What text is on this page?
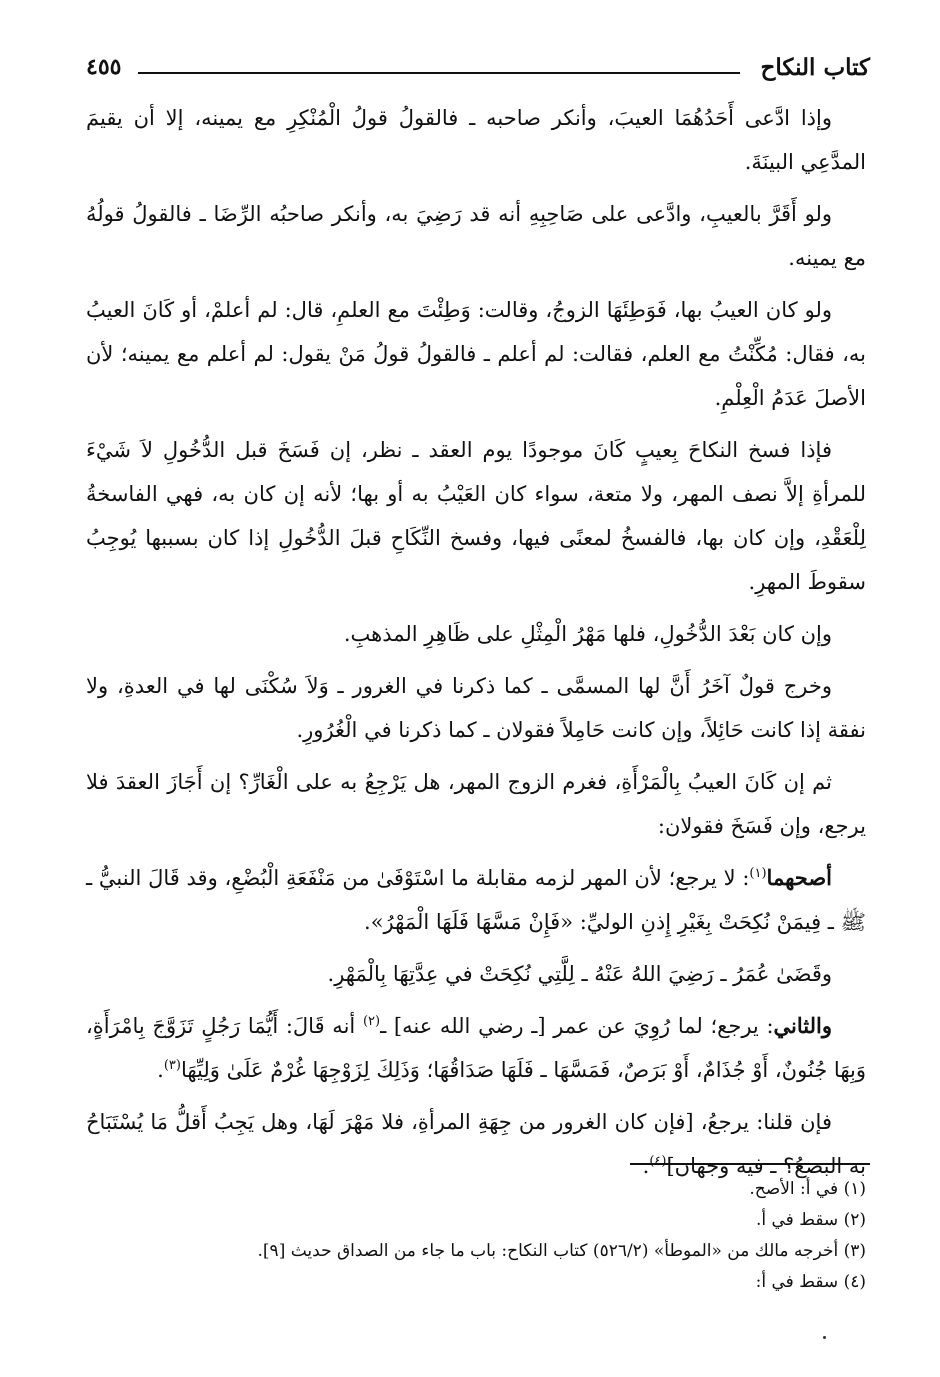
كتاب النكاح
٤٥٥

وإذا ادَّعى أَحَدُهُمَا العيبَ، وأنكر صاحبه ـ فالقولُ قولُ الْمُنْكِرِ مع يمينه، إلا أن يقيمَ المدَّعِي البينَةَ.

ولو أَقَرَّ بالعيبِ، وادَّعى على صَاحِبِهِ أنه قد رَضِيَ به، وأنكر صاحبُه الرِّضَا ـ فالقولُ قولُهُ مع يمينه.

ولو كان العيبُ بها، فَوَطِئَهَا الزوجُ، وقالت: وَطِئْتَ مع العلمِ، قال: لم أعلمْ، أو كَانَ العيبُ به، فقال: مُكِّنْتُ مع العلم، فقالت: لم أعلم ـ فالقولُ قولُ مَنْ يقول: لم أعلم مع يمينه؛ لأن الأصلَ عَدَمُ الْعِلْمِ.

فإذا فسخ النكاحَ بِعيبٍ كَانَ موجودًا يوم العقد ـ نظر، إن فَسَخَ قبل الدُّخُولِ لاَ شَيْءَ للمرأةِ إلاَّ نصف المهر، ولا متعة، سواء كان العَيْبُ به أو بها؛ لأنه إن كان به، فهي الفاسخةُ لِلْعَقْدِ، وإن كان بها، فالفسخُ لمعنًى فيها، وفسخ النِّكَاحِ قبلَ الدُّخُولِ إذا كان بسببها يُوجِبُ سقوطَ المهرِ.

وإن كان بَعْدَ الدُّخُولِ، فلها مَهْرُ الْمِثْلِ على ظَاهِرِ المذهبِ.

وخرج قولٌ آخَرُ أَنَّ لها المسمَّى ـ كما ذكرنا في الغرور ـ وَلاَ سُكْنَى لها في العدةِ، ولا نفقة إذا كانت حَائِلاً، وإن كانت حَامِلاً فقولان ـ كما ذكرنا في الْغُرُورِ.

ثم إن كَانَ العيبُ بِالْمَرْأَةِ، فغرم الزوج المهر، هل يَرْجِعُ به على الْغَارِّ؟ إن أَجَازَ العقدَ فلا يرجع، وإن فَسَخَ فقولان:

أصحهما$^{(١)}$: لا يرجع؛ لأن المهر لزمه مقابلة ما اسْتَوْفَىٰ من مَنْفَعَةِ الْبُضْعِ، وقد قَالَ النبيُّ ـ ﷺ ـ فِيمَنْ نُكِحَتْ بِغَيْرِ إِذنِ الوليِّ: «فَإِنْ مَسَّهَا فَلَهَا الْمَهْرُ».

وقَضَىٰ عُمَرُ ـ رَضِيَ اللهُ عَنْهُ ـ لِلَّتِي نُكِحَتْ في عِدَّتِهَا بِالْمَهْرِ.

والثاني: يرجع؛ لما رُوِيَ عن عمر [ـ رضي الله عنه] ـ$^{(٢)}$ أنه قَالَ: أَيُّمَا رَجُلٍ تَزَوَّجَ بِامْرَأَةٍ، وَبِهَا جُنُونٌ، أَوْ جُذَامٌ، أَوْ بَرَصٌ، فَمَسَّهَا ـ فَلَهَا صَدَاقُهَا؛ وَذَلِكَ لِزَوْجِهَا غُرْمٌ عَلَىٰ وَلِيِّهَا$^{(٣)}$.

فإن قلنا: يرجعُ، [فإن كان الغرور من جِهَةِ المرأةِ، فلا مَهْرَ لَهَا، وهل يَجِبُ أَقلُّ مَا يُسْتَبَاحُ به البضعُ؟ ـ فيه وجهان]$^{(٤)}$.

(١) في أ: الأصح.

(٢) سقط في أ.

(٣) أخرجه مالك من «الموطأ» (٥٢٦/٢) كتاب النكاح: باب ما جاء من الصداق حديث [٩].

(٤) سقط في أ:
